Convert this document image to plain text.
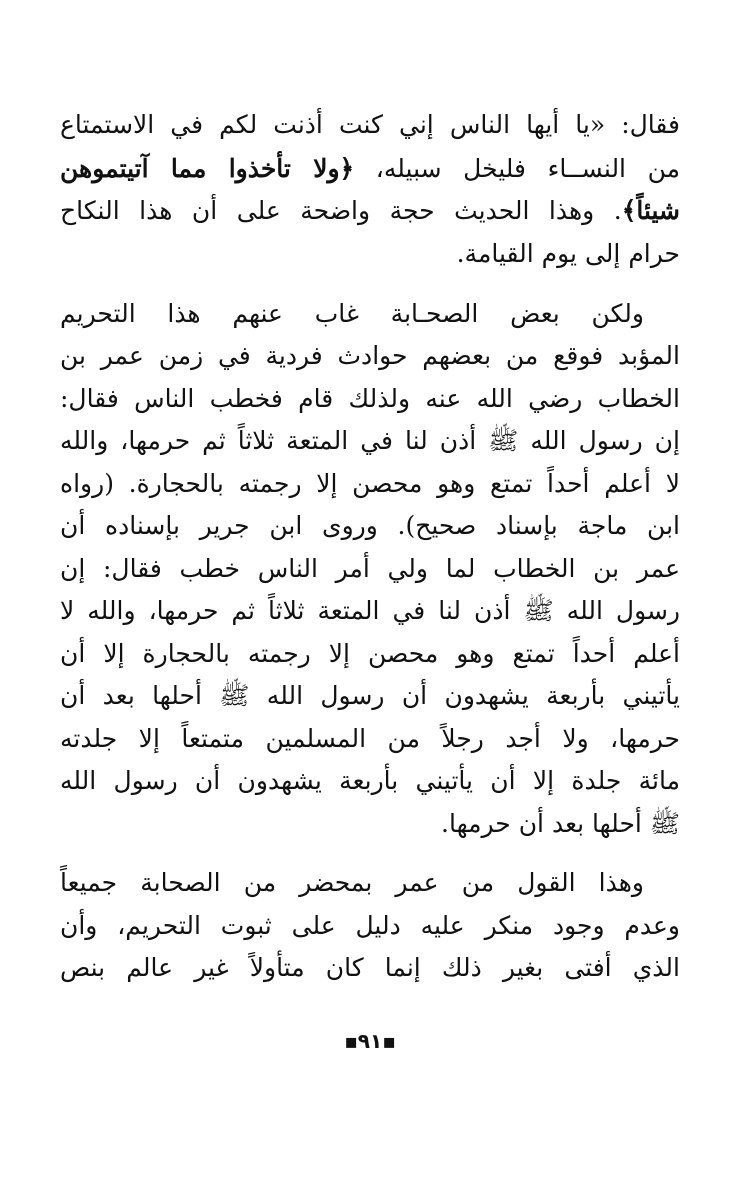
فقال: «يا أيها الناس إني كنت أذنت لكم في الاستمتاع
من النســاء فليخل سبيله، ﴿ولا تأخذوا مما آتيتموهن
شيئاً﴾. وهذا الحديث حجة واضحة على أن هذا النكاح
حرام إلى يوم القيامة.
ولكن بعض الصحـابة غاب عنهم هذا التحريم
المؤبد فوقع من بعضهم حوادث فردية في زمن عمر بن
الخطاب رضي الله عنه ولذلك قام فخطب الناس فقال:
إن رسول الله ﷺ أذن لنا في المتعة ثلاثاً ثم حرمها، والله
لا أعلم أحداً تمتع وهو محصن إلا رجمته بالحجارة. (رواه
ابن ماجة بإسناد صحيح). وروى ابن جرير بإسناده أن
عمر بن الخطاب لما ولي أمر الناس خطب فقال: إن
رسول الله ﷺ أذن لنا في المتعة ثلاثاً ثم حرمها، والله لا
أعلم أحداً تمتع وهو محصن إلا رجمته بالحجارة إلا أن
يأتيني بأربعة يشهدون أن رسول الله ﷺ أحلها بعد أن
حرمها، ولا أجد رجلاً من المسلمين متمتعاً إلا جلدته
مائة جلدة إلا أن يأتيني بأربعة يشهدون أن رسول الله
ﷺ أحلها بعد أن حرمها.
وهذا القول من عمر بمحضر من الصحابة جميعاً
وعدم وجود منكر عليه دليل على ثبوت التحريم، وأن
الذي أفتى بغير ذلك إنما كان متأولاً غير عالم بنص
▪٩١▪
